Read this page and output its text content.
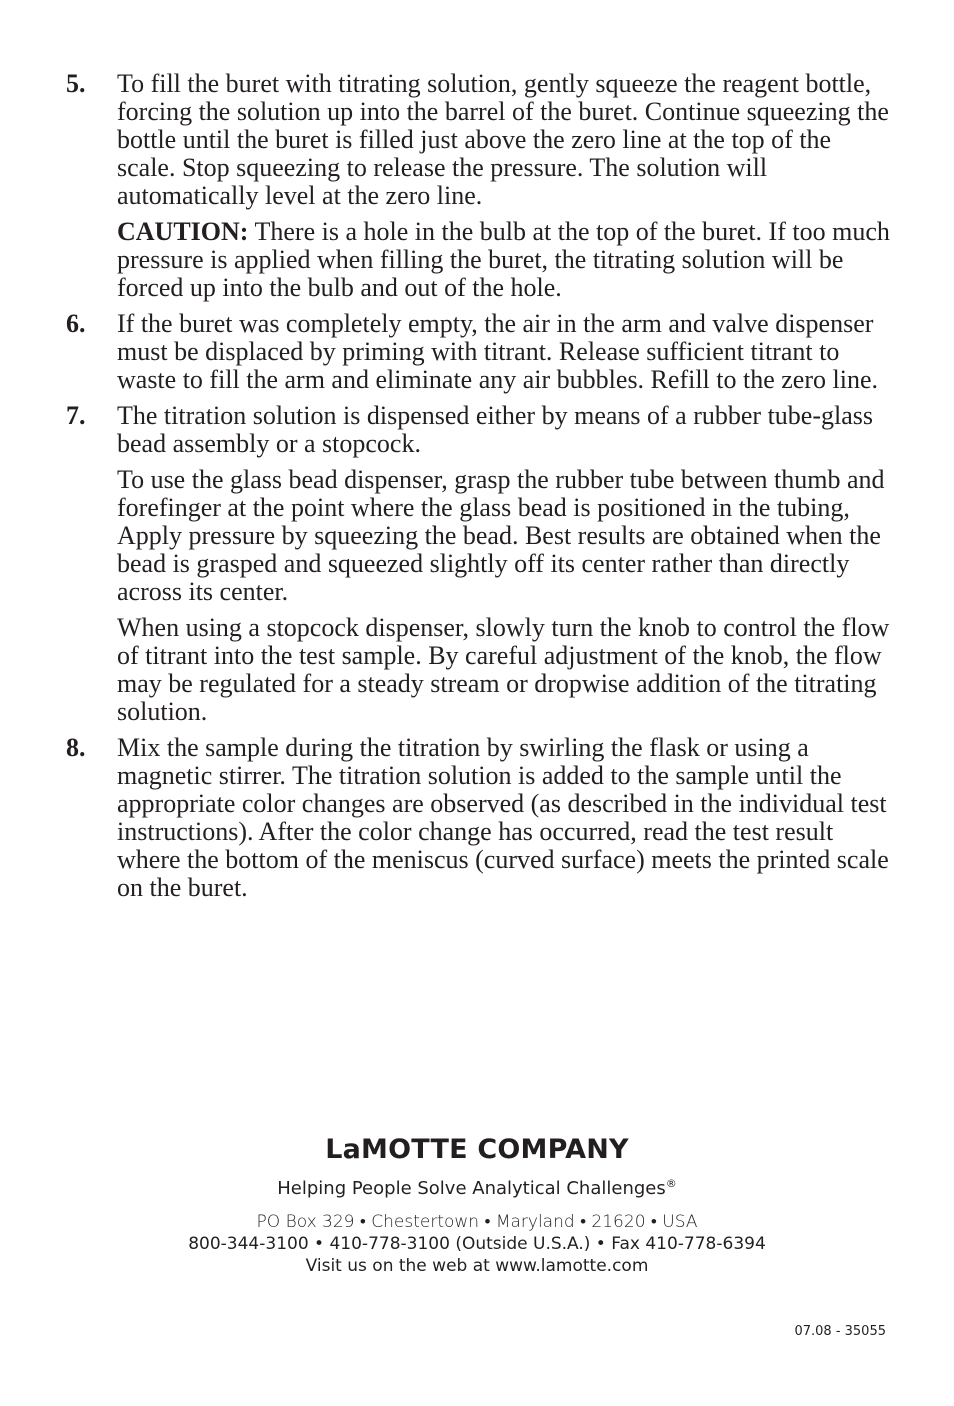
5. To fill the buret with titrating solution, gently squeeze the reagent bottle, forcing the solution up into the barrel of the buret. Continue squeezing the bottle until the buret is filled just above the zero line at the top of the scale. Stop squeezing to release the pressure. The solution will automatically level at the zero line.

CAUTION: There is a hole in the bulb at the top of the buret. If too much pressure is applied when filling the buret, the titrating solution will be forced up into the bulb and out of the hole.

6. If the buret was completely empty, the air in the arm and valve dispenser must be displaced by priming with titrant. Release sufficient titrant to waste to fill the arm and eliminate any air bubbles. Refill to the zero line.

7. The titration solution is dispensed either by means of a rubber tube-glass bead assembly or a stopcock.

To use the glass bead dispenser, grasp the rubber tube between thumb and forefinger at the point where the glass bead is positioned in the tubing, Apply pressure by squeezing the bead. Best results are obtained when the bead is grasped and squeezed slightly off its center rather than directly across its center.

When using a stopcock dispenser, slowly turn the knob to control the flow of titrant into the test sample. By careful adjustment of the knob, the flow may be regulated for a steady stream or dropwise addition of the titrating solution.

8. Mix the sample during the titration by swirling the flask or using a magnetic stirrer. The titration solution is added to the sample until the appropriate color changes are observed (as described in the individual test instructions). After the color change has occurred, read the test result where the bottom of the meniscus (curved surface) meets the printed scale on the buret.

LaMOTTE COMPANY
Helping People Solve Analytical Challenges®
PO Box 329 • Chestertown • Maryland • 21620 • USA
800-344-3100 • 410-778-3100 (Outside U.S.A.) • Fax 410-778-6394
Visit us on the web at www.lamotte.com
07.08 - 35055
